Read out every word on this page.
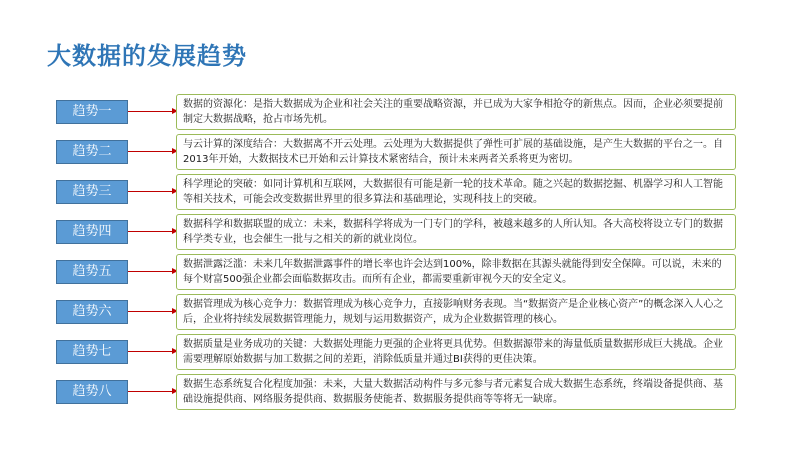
大数据的发展趋势
趋势一	数据的资源化：是指大数据成为企业和社会关注的重要战略资源，并已成为大家争相抢夺的新焦点。因而，企业必须要提前制定大数据战略，抢占市场先机。
趋势二	与云计算的深度结合：大数据离不开云处理。云处理为大数据提供了弹性可扩展的基础设施，是产生大数据的平台之一。自2013年开始，大数据技术已开始和云计算技术紧密结合，预计未来两者关系将更为密切。
趋势三	科学理论的突破：如同计算机和互联网，大数据很有可能是新一轮的技术革命。随之兴起的数据挖掘、机器学习和人工智能等相关技术，可能会改变数据世界里的很多算法和基础理论，实现科技上的突破。
趋势四	数据科学和数据联盟的成立：未来，数据科学将成为一门专门的学科，被越来越多的人所认知。各大高校将设立专门的数据科学类专业，也会催生一批与之相关的新的就业岗位。
趋势五	数据泄露泛滥：未来几年数据泄露事件的增长率也许会达到100%，除非数据在其源头就能得到安全保障。可以说，未来的每个财富500强企业都会面临数据攻击。而所有企业，都需要重新审视今天的安全定义。
趋势六	数据管理成为核心竞争力：数据管理成为核心竞争力，直接影响财务表现。当“数据资产是企业核心资产”的概念深入人心之后，企业将持续发展数据管理能力，规划与运用数据资产，成为企业数据管理的核心。
趋势七	数据质量是业务成功的关键：大数据处理能力更强的企业将更具优势。但数据源带来的海量低质量数据形成巨大挑战。企业需要理解原始数据与加工数据之间的差距，消除低质量并通过BI获得的更佳决策。
趋势八	数据生态系统复合化程度加强：未来，大量大数据活动构件与多元参与者元素复合成大数据生态系统，终端设备提供商、基础设施提供商、网络服务提供商、数据服务使能者、数据服务提供商等等将无一缺席。
